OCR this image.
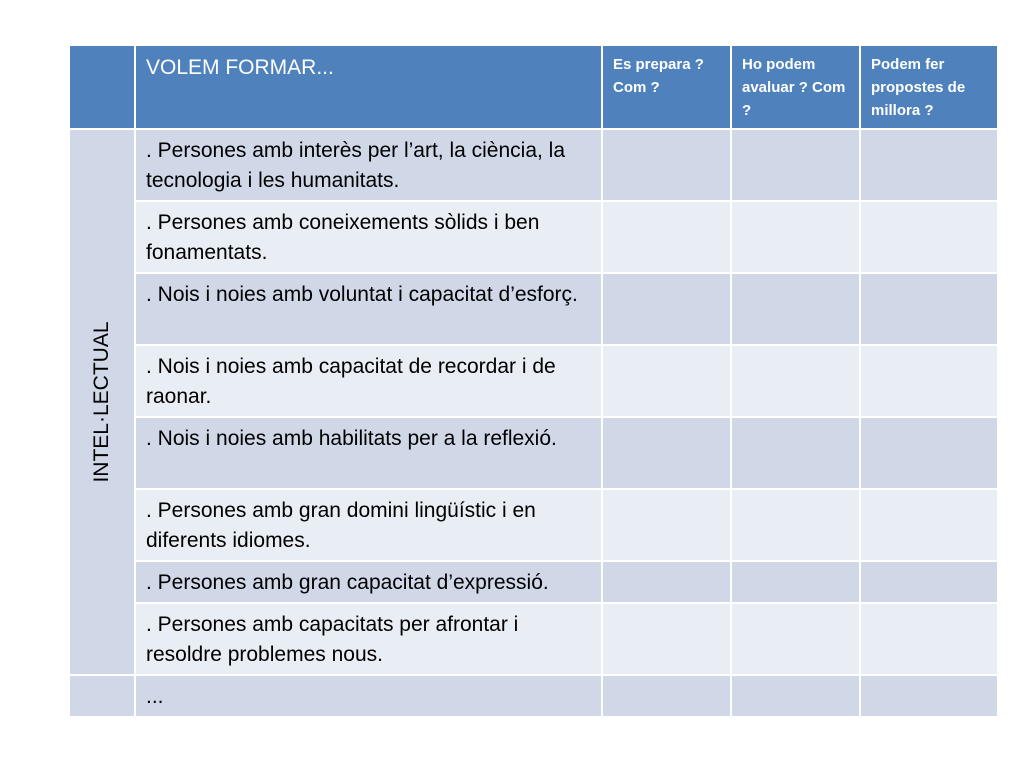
	VOLEM FORMAR...	Es prepara ? Com ?	Ho podem avaluar ? Com ?	Podem fer propostes de millora ?

INTEL·LECTUAL	. Persones amb interès per l’art, la ciència, la tecnologia i les humanitats.			
	. Persones amb coneixements sòlids i ben fonamentats.			
	. Nois i noies amb voluntat i capacitat d’esforç.			
	. Nois i noies amb capacitat de recordar i de raonar.			
	. Nois i noies amb habilitats per a la reflexió.			
	. Persones amb gran domini lingüístic i en diferents idiomes.			
	. Persones amb gran capacitat d’expressió.			
	. Persones amb capacitats per afrontar i resoldre problemes nous.			
	...			
